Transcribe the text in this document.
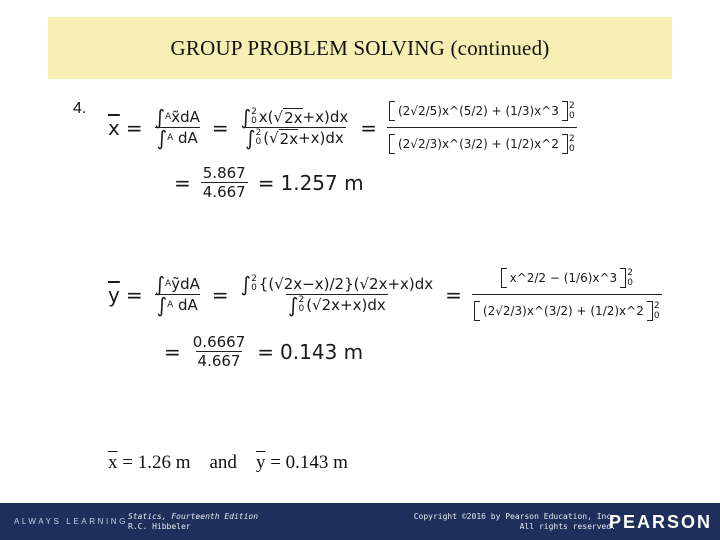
GROUP PROBLEM SOLVING (continued)
4.
$\overline{x}$ = ∫ A x̃dA
∫ A
dA = ∫ 2
0 x( √ 2x +x)dx
∫ 2
0 ( √ 2x +x)dx = (2√2/5)x^(5/2) + (1/3)x^3	2
0
(2√2/3)x^(3/2) + (1/2)x^2	2
0
= $\frac{5.867}{4.667} = 1.257$ m
$\overline{y}$ = ∫ A ỹdA
∫ A
dA = ∫ 2
0 {(√2x−x)/2}(√2x+x)dx
∫ 2
0 (√2x+x)dx = x^2/2 − (1/6)x^3	2
0
(2√2/3)x^(3/2) + (1/2)x^2	2
0
= $\frac{0.6667}{4.667} = 0.143$ m
$\overline{x} = 1.26$ m and $\overline{y} = 0.143$ m
ALWAYS LEARNING
Statics, Fourteenth Edition
R.C. Hibbeler
Copyright ©2016 by Pearson Education, Inc.
All rights reserved.
PEARSON
